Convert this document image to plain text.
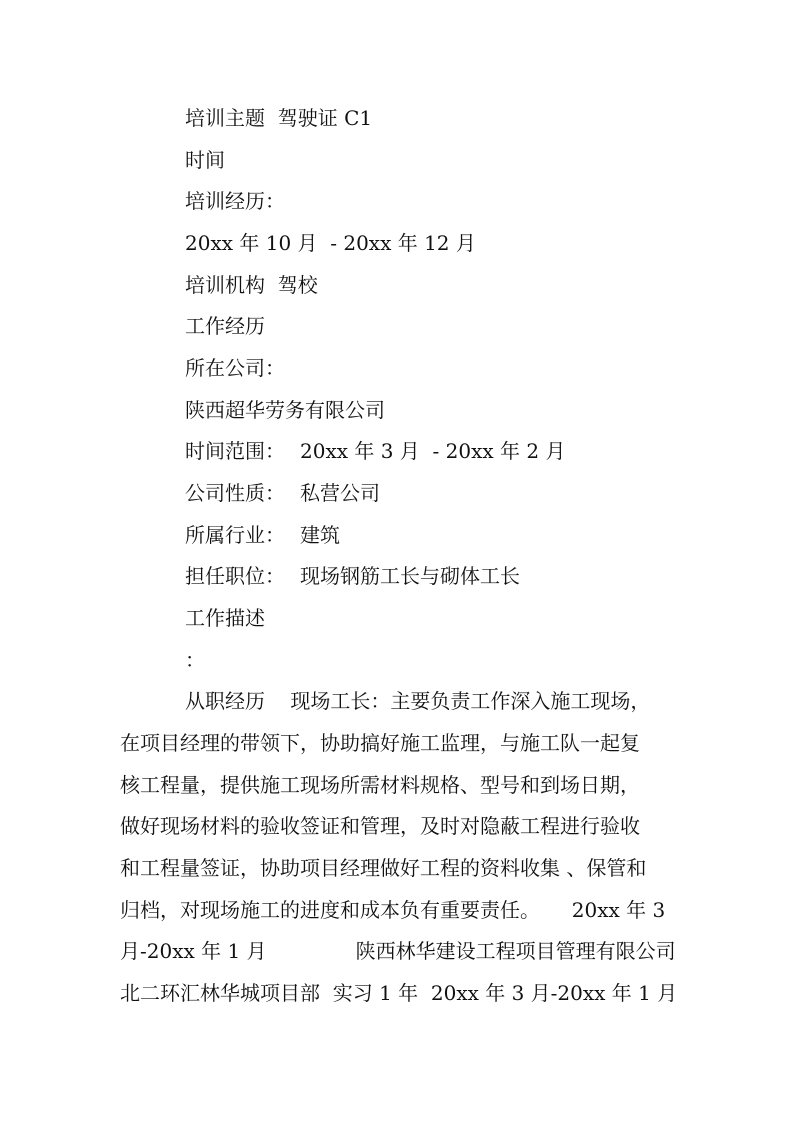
培训主题  驾驶证 C1
时间
培训经历：
20xx 年 10 月  - 20xx 年 12 月
培训机构  驾校
工作经历
所在公司：
陕西超华劳务有限公司
时间范围： 20xx 年 3 月  - 20xx 年 2 月
公司性质： 私营公司
所属行业： 建筑
担任职位： 现场钢筋工长与砌体工长
工作描述
：
从职经历    现场工长：主要负责工作深入施工现场，
在项目经理的带领下，协助搞好施工监理，与施工队一起复
核工程量，提供施工现场所需材料规格、型号和到场日期，
做好现场材料的验收签证和管理，及时对隐蔽工程进行验收
和工程量签证，协助项目经理做好工程的资料收集 、保管和
归档，对现场施工的进度和成本负有重要责任。     20xx 年 3
月-20xx 年 1 月              陕西林华建设工程项目管理有限公司
北二环汇林华城项目部  实习 1 年  20xx 年 3 月-20xx 年 1 月
